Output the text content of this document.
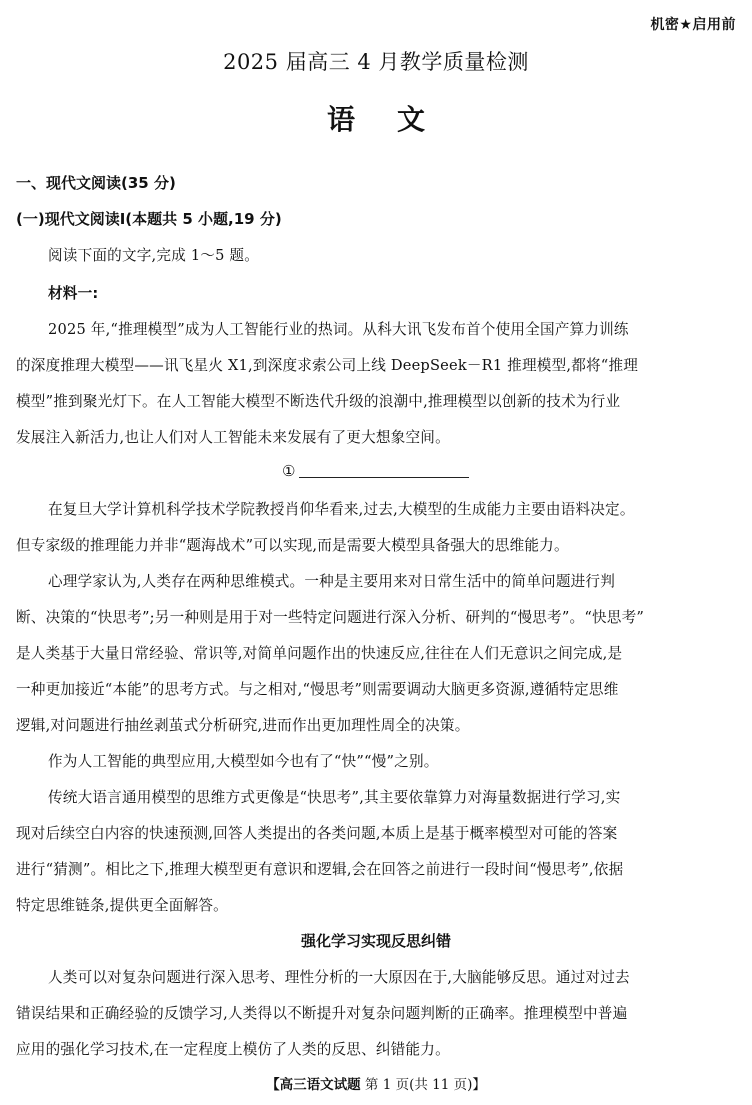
机密★启用前
2025 届高三 4 月教学质量检测
语 文
一、现代文阅读(35 分)
(一)现代文阅读Ⅰ(本题共 5 小题,19 分)
阅读下面的文字,完成 1～5 题。
材料一:
2025 年,“推理模型”成为人工智能行业的热词。从科大讯飞发布首个使用全国产算力训练
的深度推理大模型——讯飞星火 X1,到深度求索公司上线 DeepSeek－R1 推理模型,都将“推理
模型”推到聚光灯下。在人工智能大模型不断迭代升级的浪潮中,推理模型以创新的技术为行业
发展注入新活力,也让人们对人工智能未来发展有了更大想象空间。
①
在复旦大学计算机科学技术学院教授肖仰华看来,过去,大模型的生成能力主要由语料决定。
但专家级的推理能力并非“题海战术”可以实现,而是需要大模型具备强大的思维能力。
心理学家认为,人类存在两种思维模式。一种是主要用来对日常生活中的简单问题进行判
断、决策的“快思考”;另一种则是用于对一些特定问题进行深入分析、研判的“慢思考”。“快思考”
是人类基于大量日常经验、常识等,对简单问题作出的快速反应,往往在人们无意识之间完成,是
一种更加接近“本能”的思考方式。与之相对,“慢思考”则需要调动大脑更多资源,遵循特定思维
逻辑,对问题进行抽丝剥茧式分析研究,进而作出更加理性周全的决策。
作为人工智能的典型应用,大模型如今也有了“快”“慢”之别。
传统大语言通用模型的思维方式更像是“快思考”,其主要依靠算力对海量数据进行学习,实
现对后续空白内容的快速预测,回答人类提出的各类问题,本质上是基于概率模型对可能的答案
进行“猜测”。相比之下,推理大模型更有意识和逻辑,会在回答之前进行一段时间“慢思考”,依据
特定思维链条,提供更全面解答。
强化学习实现反思纠错
人类可以对复杂问题进行深入思考、理性分析的一大原因在于,大脑能够反思。通过对过去
错误结果和正确经验的反馈学习,人类得以不断提升对复杂问题判断的正确率。推理模型中普遍
应用的强化学习技术,在一定程度上模仿了人类的反思、纠错能力。
【高三语文试题 第 1 页(共 11 页)】
